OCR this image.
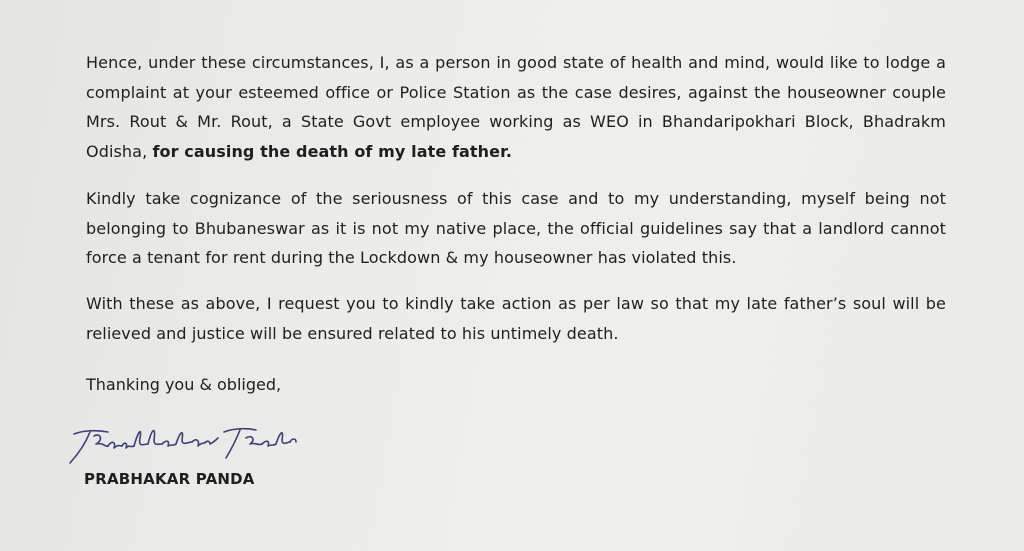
Hence, under these circumstances, I, as a person in good state of health and mind, would like to lodge a complaint at your esteemed office or Police Station as the case desires, against the houseowner couple Mrs. Rout & Mr. Rout, a State Govt employee working as WEO in Bhandaripokhari Block, Bhadrakm Odisha, for causing the death of my late father.

Kindly take cognizance of the seriousness of this case and to my understanding, myself being not belonging to Bhubaneswar as it is not my native place, the official guidelines say that a landlord cannot force a tenant for rent during the Lockdown & my houseowner has violated this.

With these as above, I request you to kindly take action as per law so that my late father’s soul will be relieved and justice will be ensured related to his untimely death.

Thanking you & obliged,

PRABHAKAR PANDA
